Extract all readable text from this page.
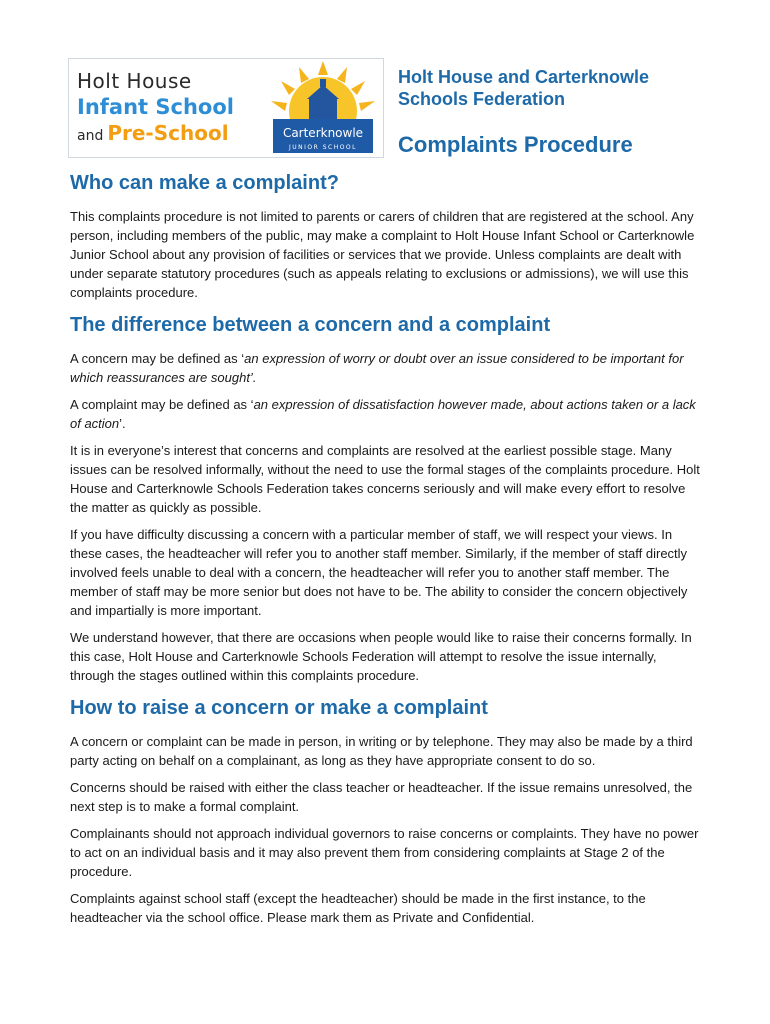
Holt House
Infant School
and Pre-School	Carterknowle
JUNIOR SCHOOL
Holt House and Carterknowle
Schools Federation
Complaints Procedure
Who can make a complaint?

This complaints procedure is not limited to parents or carers of children that are registered at the school. Any person, including members of the public, may make a complaint to Holt House Infant School or Carterknowle Junior School about any provision of facilities or services that we provide. Unless complaints are dealt with under separate statutory procedures (such as appeals relating to exclusions or admissions), we will use this complaints procedure.

The difference between a concern and a complaint

A concern may be defined as ‘an expression of worry or doubt over an issue considered to be important for which reassurances are sought’.

A complaint may be defined as ‘an expression of dissatisfaction however made, about actions taken or a lack of action’.

It is in everyone’s interest that concerns and complaints are resolved at the earliest possible stage. Many issues can be resolved informally, without the need to use the formal stages of the complaints procedure. Holt House and Carterknowle Schools Federation takes concerns seriously and will make every effort to resolve the matter as quickly as possible.

If you have difficulty discussing a concern with a particular member of staff, we will respect your views. In these cases, the headteacher will refer you to another staff member. Similarly, if the member of staff directly involved feels unable to deal with a concern, the headteacher will refer you to another staff member. The member of staff may be more senior but does not have to be. The ability to consider the concern objectively and impartially is more important.

We understand however, that there are occasions when people would like to raise their concerns formally. In this case, Holt House and Carterknowle Schools Federation will attempt to resolve the issue internally, through the stages outlined within this complaints procedure.

How to raise a concern or make a complaint

A concern or complaint can be made in person, in writing or by telephone. They may also be made by a third party acting on behalf on a complainant, as long as they have appropriate consent to do so.

Concerns should be raised with either the class teacher or headteacher. If the issue remains unresolved, the next step is to make a formal complaint.

Complainants should not approach individual governors to raise concerns or complaints. They have no power to act on an individual basis and it may also prevent them from considering complaints at Stage 2 of the procedure.

Complaints against school staff (except the headteacher) should be made in the first instance, to the headteacher via the school office. Please mark them as Private and Confidential.
